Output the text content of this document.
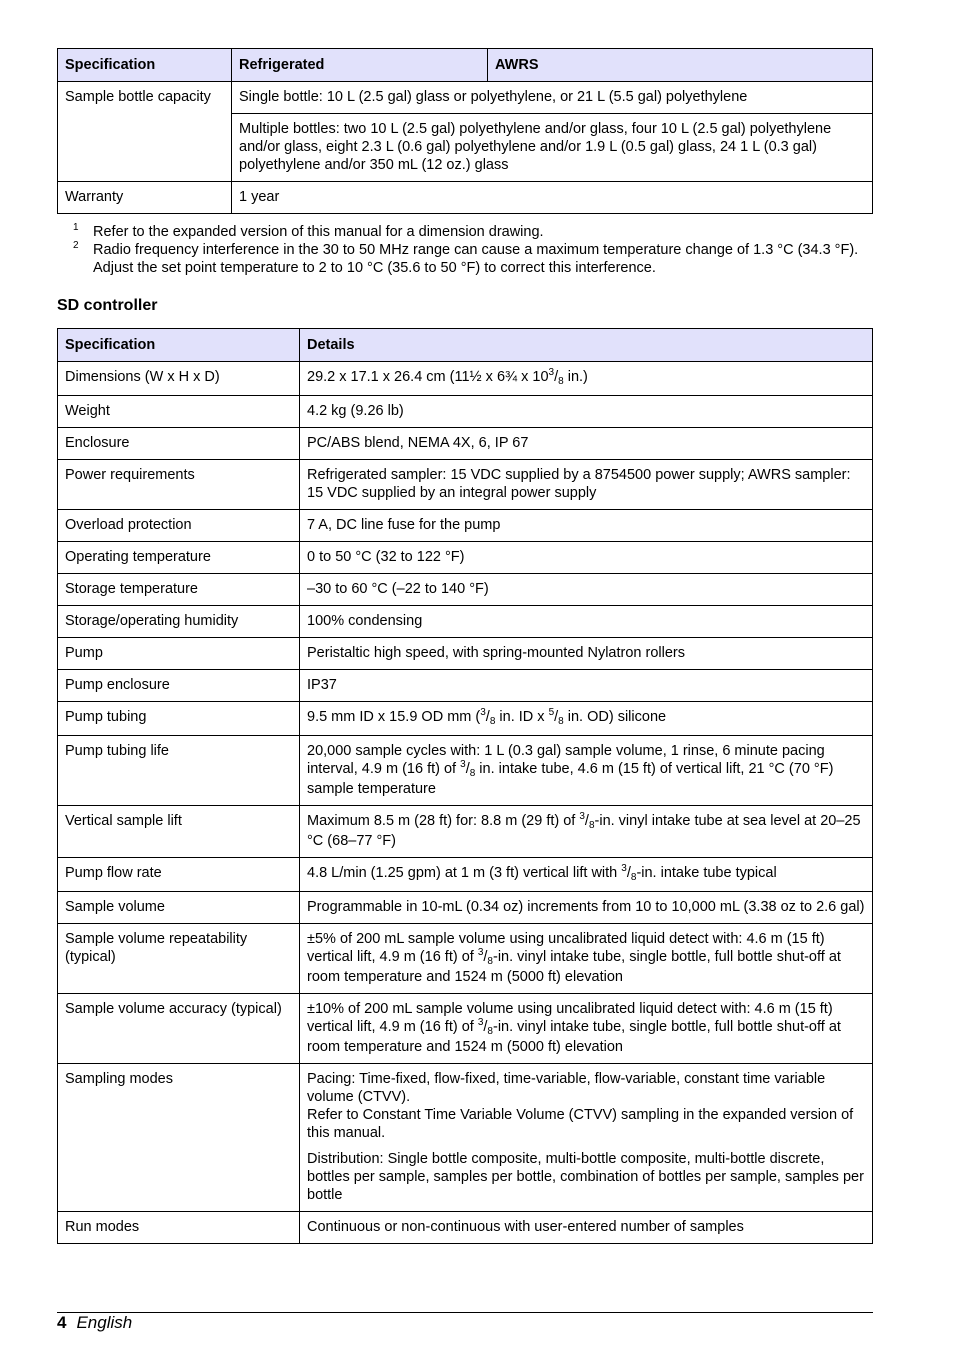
Specification	Refrigerated	AWRS
Sample bottle capacity	Single bottle: 10 L (2.5 gal) glass or polyethylene, or 21 L (5.5 gal) polyethylene	
	Multiple bottles: two 10 L (2.5 gal) polyethylene and/or glass, four 10 L (2.5 gal) polyethylene and/or glass, eight 2.3 L (0.6 gal) polyethylene and/or 1.9 L (0.5 gal) glass, 24 1 L (0.3 gal) polyethylene and/or 350 mL (12 oz.) glass	
Warranty	1 year	
1 Refer to the expanded version of this manual for a dimension drawing.
2 Radio frequency interference in the 30 to 50 MHz range can cause a maximum temperature change of 1.3 °C (34.3 °F). Adjust the set point temperature to 2 to 10 °C (35.6 to 50 °F) to correct this interference.
SD controller
Specification	Details
Dimensions (W x H x D)	29.2 x 17.1 x 26.4 cm (11½ x 6¾ x $10^3/_8$ in.)
Weight	4.2 kg (9.26 lb)
Enclosure	PC/ABS blend, NEMA 4X, 6, IP 67
Power requirements	Refrigerated sampler: 15 VDC supplied by a 8754500 power supply; AWRS sampler: 15 VDC supplied by an integral power supply
Overload protection	7 A, DC line fuse for the pump
Operating temperature	0 to 50 °C (32 to 122 °F)
Storage temperature	–30 to 60 °C (–22 to 140 °F)
Storage/operating humidity	100% condensing
Pump	Peristaltic high speed, with spring-mounted Nylatron rollers
Pump enclosure	IP37
Pump tubing	9.5 mm ID x 15.9 OD mm ($^3/_8$ in. ID x $^5/_8$ in. OD) silicone
Pump tubing life	20,000 sample cycles with: 1 L (0.3 gal) sample volume, 1 rinse, 6 minute pacing interval, 4.9 m (16 ft) of $^3/_8$ in. intake tube, 4.6 m (15 ft) of vertical lift, 21 °C (70 °F) sample temperature
Vertical sample lift	Maximum 8.5 m (28 ft) for: 8.8 m (29 ft) of $^3/_8-in$. vinyl intake tube at sea level at 20–25 °C (68–77 °F)
Pump flow rate	4.8 L/min (1.25 gpm) at 1 m (3 ft) vertical lift with $^3/_8-in$. intake tube typical
Sample volume	Programmable in 10-mL (0.34 oz) increments from 10 to 10,000 mL (3.38 oz to 2.6 gal)
Sample volume repeatability (typical)	±5% of 200 mL sample volume using uncalibrated liquid detect with: 4.6 m (15 ft) vertical lift, 4.9 m (16 ft) of $^3/_8-in$. vinyl intake tube, single bottle, full bottle shut-off at room temperature and 1524 m (5000 ft) elevation
Sample volume accuracy (typical)	±10% of 200 mL sample volume using uncalibrated liquid detect with: 4.6 m (15 ft) vertical lift, 4.9 m (16 ft) of $^3/_8-in$. vinyl intake tube, single bottle, full bottle shut-off at room temperature and 1524 m (5000 ft) elevation
Sampling modes	Pacing: Time-fixed, flow-fixed, time-variable, flow-variable, constant time variable volume (CTVV).
Refer to Constant Time Variable Volume (CTVV) sampling in the expanded version of this manual.
Distribution: Single bottle composite, multi-bottle composite, multi-bottle discrete, bottles per sample, samples per bottle, combination of bottles per sample, samples per bottle

Run modes	Continuous or non-continuous with user-entered number of samples
4 English
